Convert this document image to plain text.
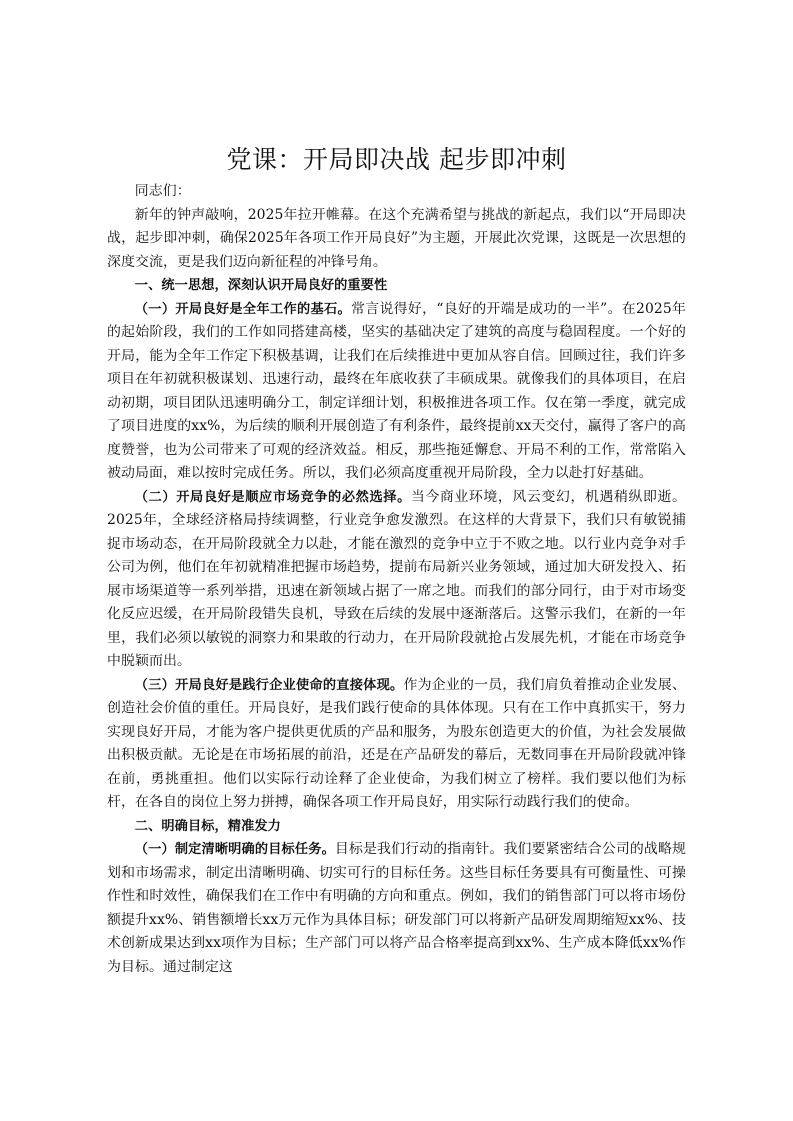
党课：开局即决战 起步即冲刺

同志们：

新年的钟声敲响，2025年拉开帷幕。在这个充满希望与挑战的新起点，我们以“开局即决战，起步即冲刺，确保2025年各项工作开局良好”为主题，开展此次党课，这既是一次思想的深度交流，更是我们迈向新征程的冲锋号角。

一、统一思想，深刻认识开局良好的重要性

（一）开局良好是全年工作的基石。常言说得好，“良好的开端是成功的一半”。在2025年的起始阶段，我们的工作如同搭建高楼，坚实的基础决定了建筑的高度与稳固程度。一个好的开局，能为全年工作定下积极基调，让我们在后续推进中更加从容自信。回顾过往，我们许多项目在年初就积极谋划、迅速行动，最终在年底收获了丰硕成果。就像我们的具体项目，在启动初期，项目团队迅速明确分工，制定详细计划，积极推进各项工作。仅在第一季度，就完成了项目进度的xx%，为后续的顺利开展创造了有利条件，最终提前xx天交付，赢得了客户的高度赞誉，也为公司带来了可观的经济效益。相反，那些拖延懈怠、开局不利的工作，常常陷入被动局面，难以按时完成任务。所以，我们必须高度重视开局阶段，全力以赴打好基础。

（二）开局良好是顺应市场竞争的必然选择。当今商业环境，风云变幻，机遇稍纵即逝。2025年，全球经济格局持续调整，行业竞争愈发激烈。在这样的大背景下，我们只有敏锐捕捉市场动态，在开局阶段就全力以赴，才能在激烈的竞争中立于不败之地。以行业内竞争对手公司为例，他们在年初就精准把握市场趋势，提前布局新兴业务领域，通过加大研发投入、拓展市场渠道等一系列举措，迅速在新领域占据了一席之地。而我们的部分同行，由于对市场变化反应迟缓，在开局阶段错失良机，导致在后续的发展中逐渐落后。这警示我们，在新的一年里，我们必须以敏锐的洞察力和果敢的行动力，在开局阶段就抢占发展先机，才能在市场竞争中脱颖而出。

（三）开局良好是践行企业使命的直接体现。作为企业的一员，我们肩负着推动企业发展、创造社会价值的重任。开局良好，是我们践行使命的具体体现。只有在工作中真抓实干，努力实现良好开局，才能为客户提供更优质的产品和服务，为股东创造更大的价值，为社会发展做出积极贡献。无论是在市场拓展的前沿，还是在产品研发的幕后，无数同事在开局阶段就冲锋在前，勇挑重担。他们以实际行动诠释了企业使命，为我们树立了榜样。我们要以他们为标杆，在各自的岗位上努力拼搏，确保各项工作开局良好，用实际行动践行我们的使命。

二、明确目标，精准发力

（一）制定清晰明确的目标任务。目标是我们行动的指南针。我们要紧密结合公司的战略规划和市场需求，制定出清晰明确、切实可行的目标任务。这些目标任务要具有可衡量性、可操作性和时效性，确保我们在工作中有明确的方向和重点。例如，我们的销售部门可以将市场份额提升xx%、销售额增长xx万元作为具体目标；研发部门可以将新产品研发周期缩短xx%、技术创新成果达到xx项作为目标；生产部门可以将产品合格率提高到xx%、生产成本降低xx%作为目标。通过制定这
